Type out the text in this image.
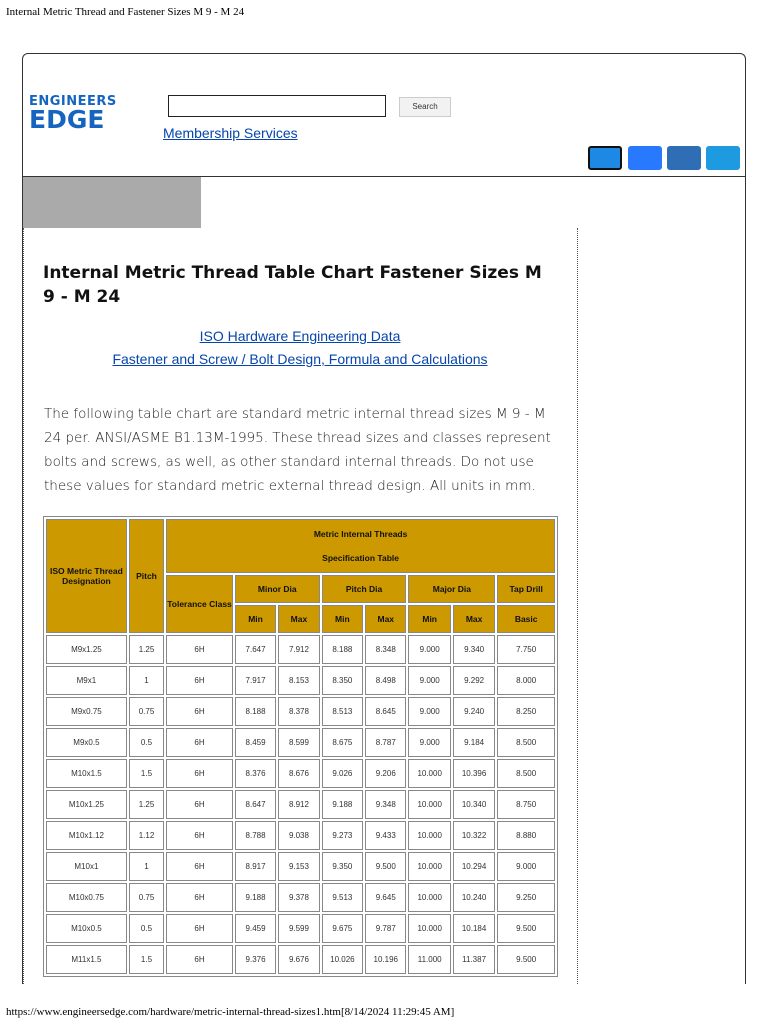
Internal Metric Thread and Fastener Sizes M 9 - M 24
ENGINEERS
EDGE	Search
Membership Services
Internal Metric Thread Table Chart Fastener Sizes M 9 - M 24
ISO Hardware Engineering Data
Fastener and Screw / Bolt Design, Formula and Calculations

The following table chart are standard metric internal thread sizes M 9 - M 24 per. ANSI/ASME B1.13M-1995. These thread sizes and classes represent bolts and screws, as well, as other standard internal threads. Do not use these values for standard metric external thread design. All units in mm.

ISO Metric Thread Designation	Pitch	Metric Internal Threads
Specification Table							

		Tolerance Class	Minor Dia		Pitch Dia		Major Dia		Tap Drill
			Min	Max	Min	Max	Min	Max	Basic
M9x1.25	1.25	6H	7.647	7.912	8.188	8.348	9.000	9.340	7.750
M9x1	1	6H	7.917	8.153	8.350	8.498	9.000	9.292	8.000
M9x0.75	0.75	6H	8.188	8.378	8.513	8.645	9.000	9.240	8.250
M9x0.5	0.5	6H	8.459	8.599	8.675	8.787	9.000	9.184	8.500
M10x1.5	1.5	6H	8.376	8.676	9.026	9.206	10.000	10.396	8.500
M10x1.25	1.25	6H	8.647	8.912	9.188	9.348	10.000	10.340	8.750
M10x1.12	1.12	6H	8.788	9.038	9.273	9.433	10.000	10.322	8.880
M10x1	1	6H	8.917	9.153	9.350	9.500	10.000	10.294	9.000
M10x0.75	0.75	6H	9.188	9.378	9.513	9.645	10.000	10.240	9.250
M10x0.5	0.5	6H	9.459	9.599	9.675	9.787	10.000	10.184	9.500
M11x1.5	1.5	6H	9.376	9.676	10.026	10.196	11.000	11.387	9.500
https://www.engineersedge.com/hardware/metric-internal-thread-sizes1.htm[8/14/2024 11:29:45 AM]
